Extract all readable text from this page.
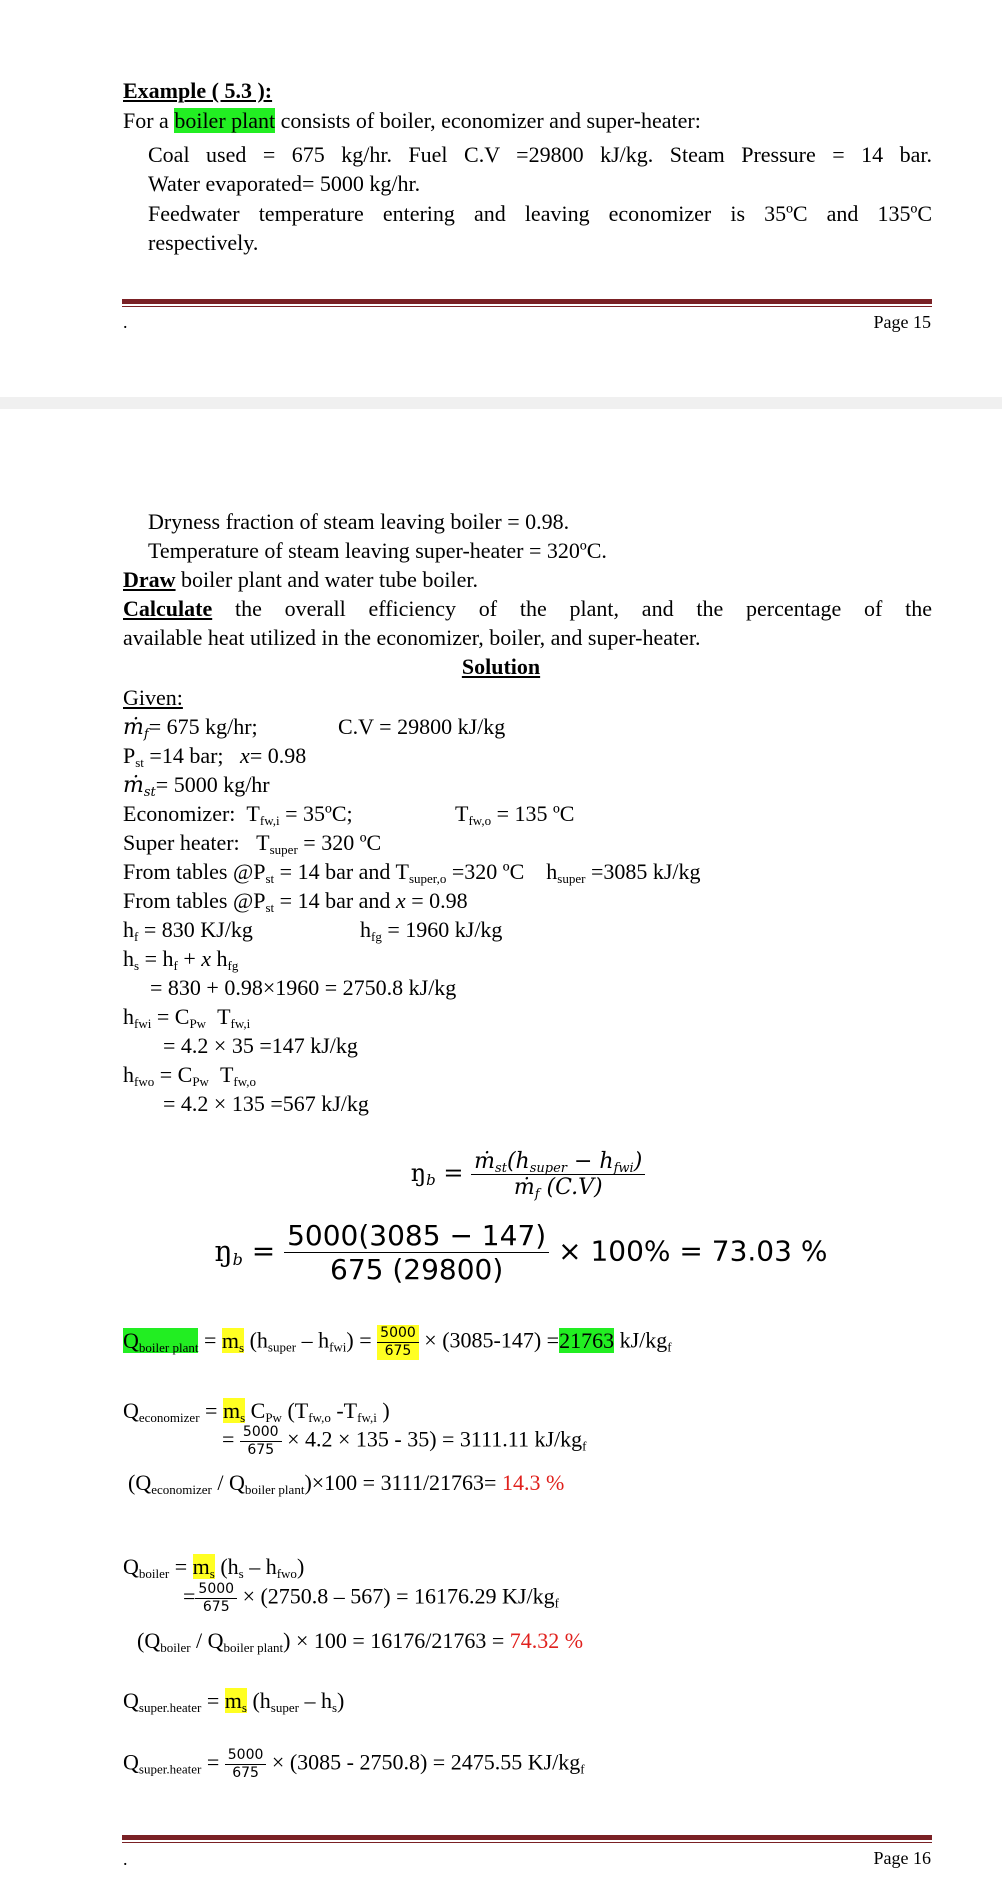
Example ( 5.3 ):
For a boiler plant consists of boiler, economizer and super-heater:
Coal used = 675 kg/hr. Fuel C.V =29800 kJ/kg. Steam Pressure = 14 bar.
Water evaporated= 5000 kg/hr.
Feedwater temperature entering and leaving economizer is 35ºC and 135ºC
respectively.
.	Page 15
Dryness fraction of steam leaving boiler = 0.98.
Temperature of steam leaving super-heater = 320ºC.
Draw boiler plant and water tube boiler.
Calculate the overall efficiency of the plant, and the percentage of the
available heat utilized in the economizer, boiler, and super-heater.
Solution
Given:
ṁ$_f$= 675 kg/hr;	C.V = 29800 kJ/kg
$P_{st} =14$ bar; x= 0.98
ṁ$_{st}$= 5000 kg/hr
Economizer:  $T_{fw,i}$ = 35ºC;	$T_{fw,o} = 135$ ºC
Super heater:   $T_{super} = 320$ ºC
From tables $@P_{st} = 14$ bar and $T_{super,o} =320$ ºC    $h_{super} =3085$ kJ/kg
From tables $@P_{st} = 14$ bar and x = 0.98
$h_f = 830$ KJ/kg	$h_{fg} = 1960$ kJ/kg
$h_s = h_f + x$ $h_{fg}$
= 830 + 0.98×1960 = 2750.8 kJ/kg
$h_{fwi} = C_{Pw}$  $T_{fw,i}$
= 4.2 × 35 =147 kJ/kg
$h_{fwo} = C_{Pw}$  $T_{fw,o}$
= 4.2 × 135 =567 kJ/kg
$ŋ_b = \frac{ṁ_{st}(h_{super} - h_{fwi})}{ṁ_f (C.V)}$
$ŋ_b = \frac{5000(3085 - 147)}{675 (29800)} \times 100\% = 73.03$ %
$Q_{boiler plant} = m_s$ $(h_{super} - h_{fwi}) = \frac{5000}{675} \times (3085-147) =21763$ $kJ/kg_f$
$Q_{economizer} = m_s$ $C_{Pw}$ ($T_{fw,o}$ $-T_{fw,i}$ )
= $\frac{5000}{675} \times 4.2 \times 135 - 35) = 3111.11$ $kJ/kg_f$
$(Q_{economizer} / Q_{boiler plant})\times 100 = 3111/21763= 14.3$ %
$Q_{boiler} = m_s$ $(h_s - h_{fwo})$
= $\frac{5000}{675} \times (2750.8 - 567) = 16176.29$ $KJ/kg_f$
$(Q_{boiler} / Q_{boiler plant}) \times 100 = 16176/21763 = 74.32$ %
$Q_{super.heater} = m_s$ $(h_{super} - h_s)$
$Q_{super.heater} = \frac{5000}{675} \times (3085 - 2750.8) = 2475.55$ $KJ/kg_f$
.	Page 16
